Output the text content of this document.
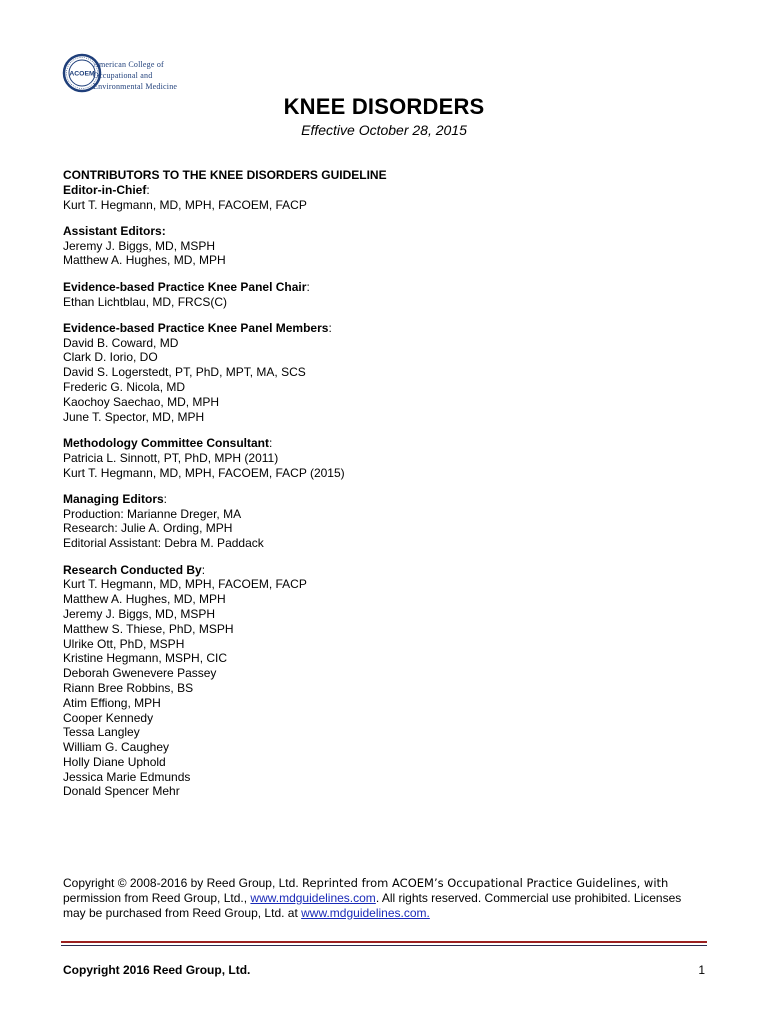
ACOEM
American College of
Occupational and
Environmental Medicine
KNEE DISORDERS
Effective October 28, 2015
CONTRIBUTORS TO THE KNEE DISORDERS GUIDELINE
Editor-in-Chief:
Kurt T. Hegmann, MD, MPH, FACOEM, FACP
Assistant Editors:
Jeremy J. Biggs, MD, MSPH
Matthew A. Hughes, MD, MPH
Evidence-based Practice Knee Panel Chair:
Ethan Lichtblau, MD, FRCS(C)
Evidence-based Practice Knee Panel Members:
David B. Coward, MD
Clark D. Iorio, DO
David S. Logerstedt, PT, PhD, MPT, MA, SCS
Frederic G. Nicola, MD
Kaochoy Saechao, MD, MPH
June T. Spector, MD, MPH
Methodology Committee Consultant:
Patricia L. Sinnott, PT, PhD, MPH (2011)
Kurt T. Hegmann, MD, MPH, FACOEM, FACP (2015)
Managing Editors:
Production: Marianne Dreger, MA
Research: Julie A. Ording, MPH
Editorial Assistant: Debra M. Paddack
Research Conducted By:
Kurt T. Hegmann, MD, MPH, FACOEM, FACP
Matthew A. Hughes, MD, MPH
Jeremy J. Biggs, MD, MSPH
Matthew S. Thiese, PhD, MSPH
Ulrike Ott, PhD, MSPH
Kristine Hegmann, MSPH, CIC
Deborah Gwenevere Passey
Riann Bree Robbins, BS
Atim Effiong, MPH
Cooper Kennedy
Tessa Langley
William G. Caughey
Holly Diane Uphold
Jessica Marie Edmunds
Donald Spencer Mehr
Copyright © 2008-2016 by Reed Group, Ltd. Reprinted from ACOEM’s Occupational Practice Guidelines, with permission from Reed Group, Ltd., www.mdguidelines.com. All rights reserved. Commercial use prohibited. Licenses may be purchased from Reed Group, Ltd. at www.mdguidelines.com.
Copyright 2016 Reed Group, Ltd.	1
